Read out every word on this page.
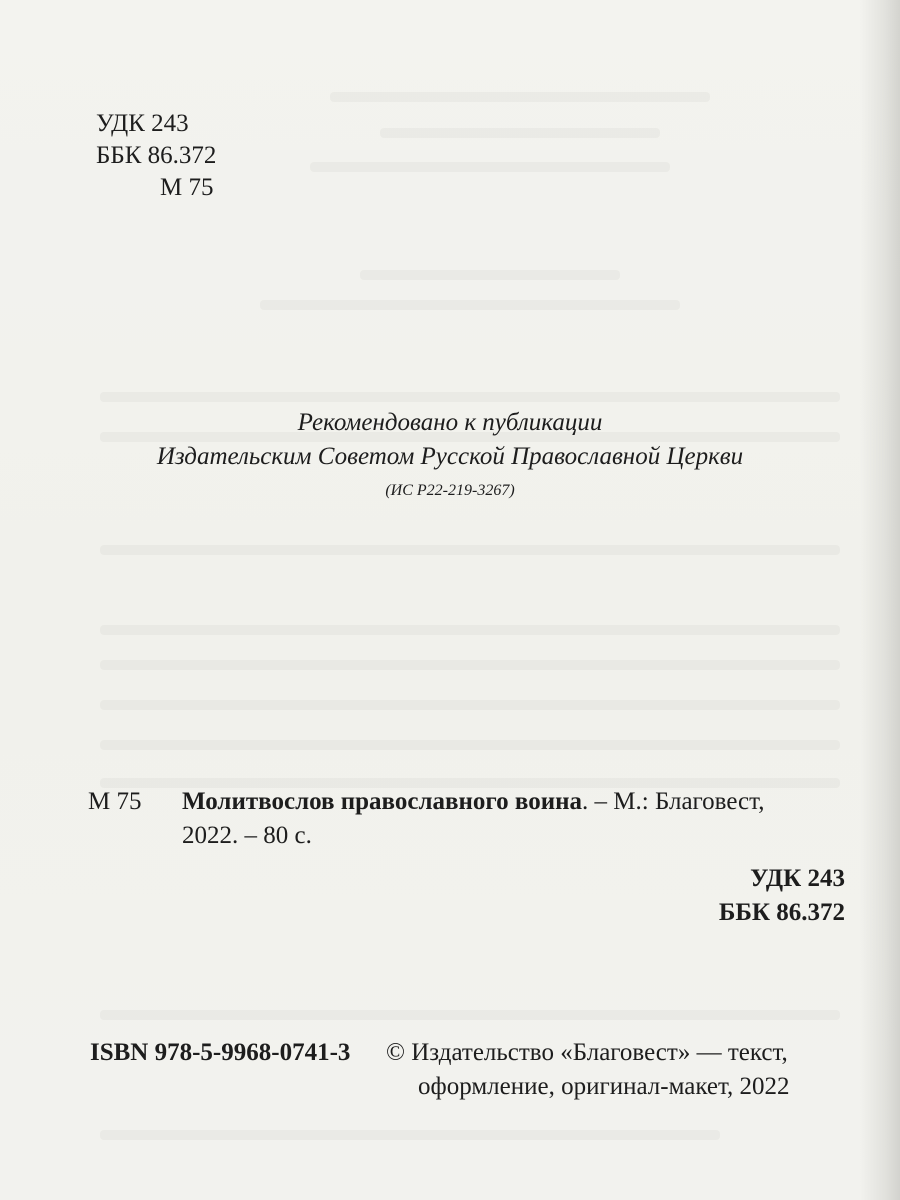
УДК 243
ББК 86.372
М 75
Рекомендовано к публикации
Издательским Советом Русской Православной Церкви
(ИС Р22-219-3267)
М 75 Молитвослов православного воина. – М.: Благовест,
2022. – 80 с.
УДК 243
ББК 86.372
ISBN 978-5-9968-0741-3 © Издательство «Благовест» — текст,
оформление, оригинал-макет, 2022
